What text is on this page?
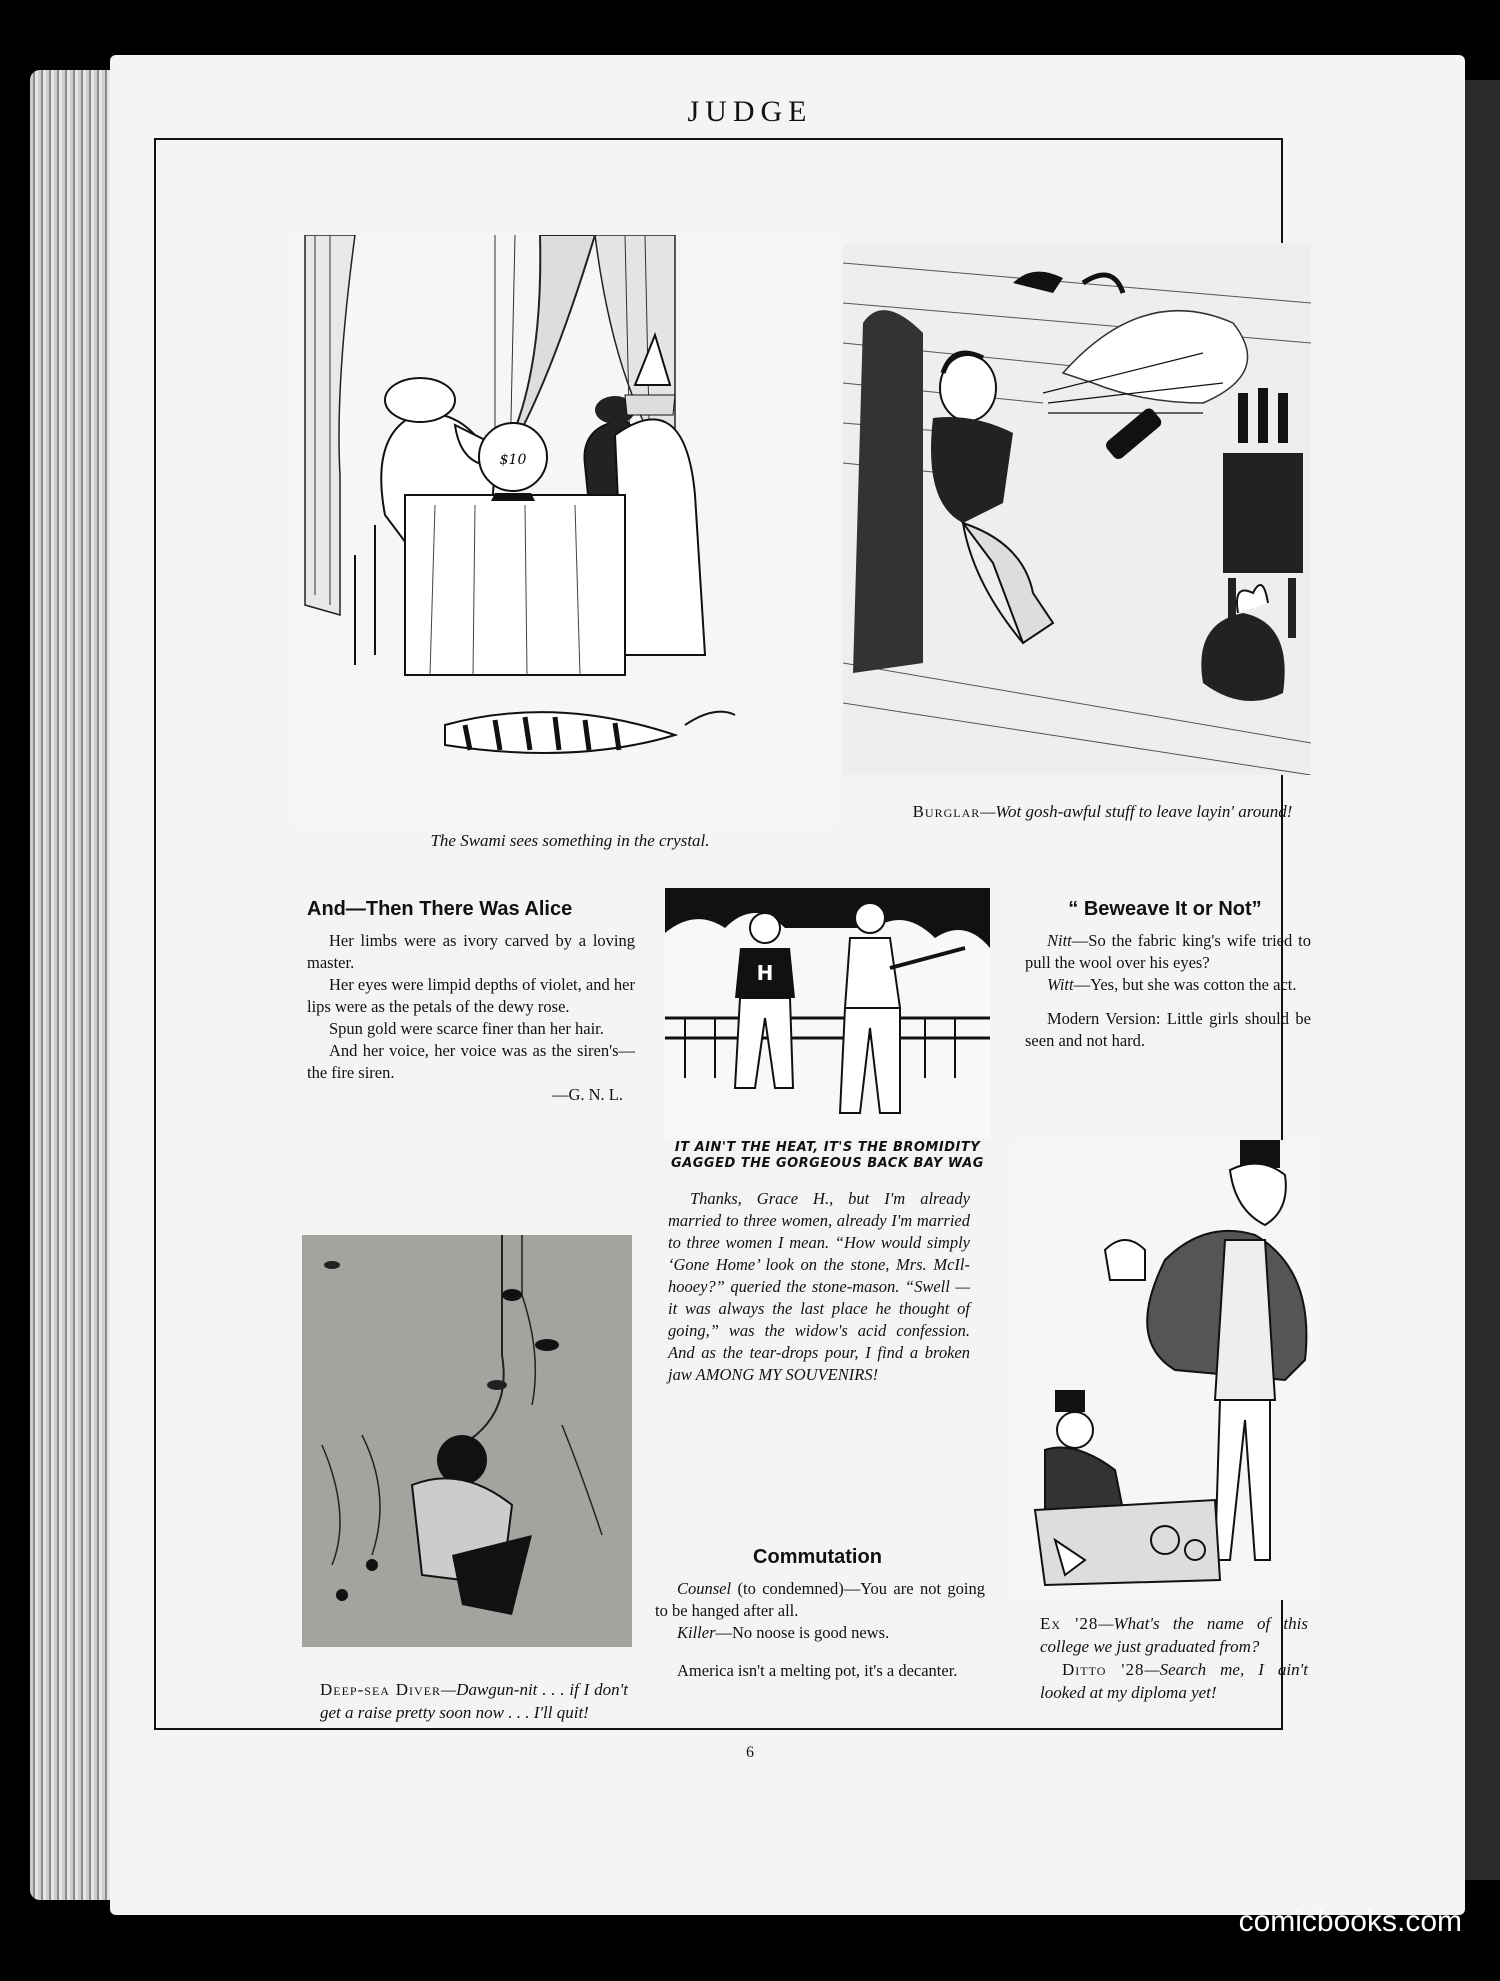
JUDGE
$10
The Swami sees something in the crystal.
Burglar—Wot gosh-awful stuff to leave layin' around!
And—Then There Was Alice

Her limbs were as ivory carved by a loving master.

Her eyes were limpid depths of violet, and her lips were as the petals of the dewy rose.

Spun gold were scarce finer than her hair.

And her voice, her voice was as the siren's—the fire siren.

—G. N. L.
H
IT AIN'T THE HEAT, IT'S THE BROMIDITY GAGGED THE GORGEOUS BACK BAY WAG
“ Beweave It or Not”

Nitt—So the fabric king's wife tried to pull the wool over his eyes?

Witt—Yes, but she was cotton the act.

Modern Version: Little girls should be seen and not hard.

Deep-sea Diver—Dawgun-nit . . . if I don't get a raise pretty soon now . . . I'll quit!

Thanks, Grace H., but I'm already married to three women, already I'm married to three women I mean. “How would simply ‘Gone Home’ look on the stone, Mrs. McIl-hooey?” queried the stone-mason. “Swell — it was always the last place he thought of going,” was the widow's acid confession. And as the tear-drops pour, I find a broken jaw AMONG MY SOUVENIRS!

Commutation

Counsel (to condemned)—You are not going to be hanged after all.

Killer—No noose is good news.

America isn't a melting pot, it's a decanter.

Ex '28—What's the name of this college we just graduated from?
Ditto '28—Search me, I ain't looked at my diploma yet!
6
comicbooks.com
